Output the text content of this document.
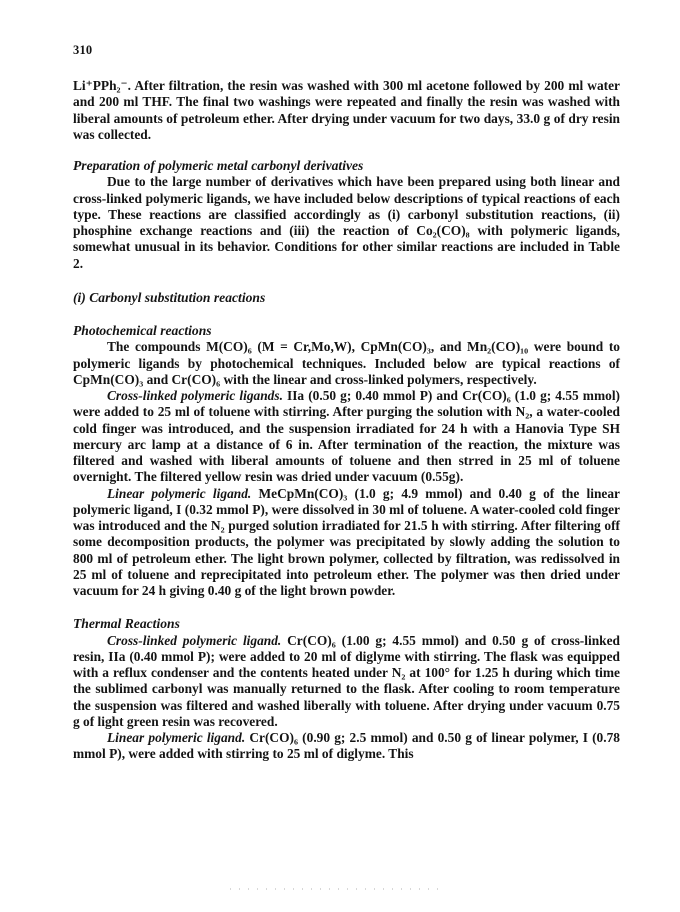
310

Li⁺PPh₂⁻. After filtration, the resin was washed with 300 ml acetone followed by 200 ml water and 200 ml THF. The final two washings were repeated and finally the resin was washed with liberal amounts of petroleum ether. After drying under vacuum for two days, 33.0 g of dry resin was collected.

Preparation of polymeric metal carbonyl derivatives

Due to the large number of derivatives which have been prepared using both linear and cross-linked polymeric ligands, we have included below descriptions of typical reactions of each type. These reactions are classified accordingly as (i) carbonyl substitution reactions, (ii) phosphine exchange reactions and (iii) the reaction of Co₂(CO)₈ with polymeric ligands, somewhat unusual in its behavior. Conditions for other similar reactions are included in Table 2.

(i) Carbonyl substitution reactions
Photochemical reactions

The compounds M(CO)₆ (M = Cr,Mo,W), CpMn(CO)₃, and Mn₂(CO)₁₀ were bound to polymeric ligands by photochemical techniques. Included below are typical reactions of CpMn(CO)₃ and Cr(CO)₆ with the linear and cross-linked polymers, respectively.

Cross-linked polymeric ligands. IIa (0.50 g; 0.40 mmol P) and Cr(CO)₆ (1.0 g; 4.55 mmol) were added to 25 ml of toluene with stirring. After purging the solution with N₂, a water-cooled cold finger was introduced, and the suspension irradiated for 24 h with a Hanovia Type SH mercury arc lamp at a distance of 6 in. After termination of the reaction, the mixture was filtered and washed with liberal amounts of toluene and then strred in 25 ml of toluene overnight. The filtered yellow resin was dried under vacuum (0.55g).

Linear polymeric ligand. MeCpMn(CO)₃ (1.0 g; 4.9 mmol) and 0.40 g of the linear polymeric ligand, I (0.32 mmol P), were dissolved in 30 ml of toluene. A water-cooled cold finger was introduced and the N₂ purged solution irradiated for 21.5 h with stirring. After filtering off some decomposition products, the polymer was precipitated by slowly adding the solution to 800 ml of petroleum ether. The light brown polymer, collected by filtration, was redissolved in 25 ml of toluene and reprecipitated into petroleum ether. The polymer was then dried under vacuum for 24 h giving 0.40 g of the light brown powder.

Thermal Reactions

Cross-linked polymeric ligand. Cr(CO)₆ (1.00 g; 4.55 mmol) and 0.50 g of cross-linked resin, IIa (0.40 mmol P); were added to 20 ml of diglyme with stirring. The flask was equipped with a reflux condenser and the contents heated under N₂ at 100° for 1.25 h during which time the sublimed carbonyl was manually returned to the flask. After cooling to room temperature the suspension was filtered and washed liberally with toluene. After drying under vacuum 0.75 g of light green resin was recovered.

Linear polymeric ligand. Cr(CO)₆ (0.90 g; 2.5 mmol) and 0.50 g of linear polymer, I (0.78 mmol P), were added with stirring to 25 ml of diglyme. This
